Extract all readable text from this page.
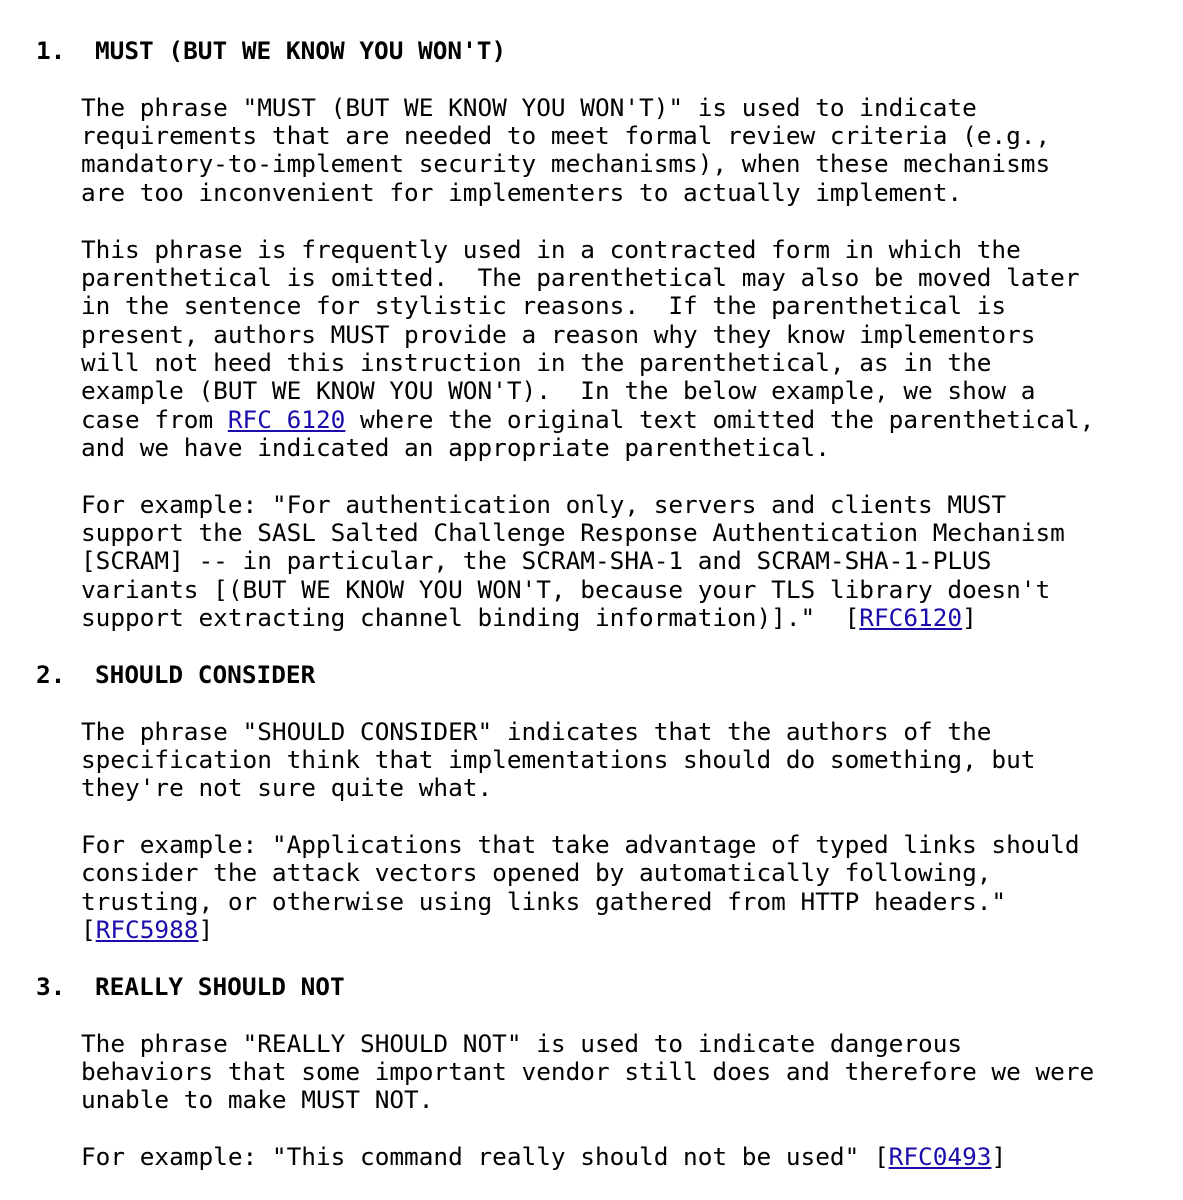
1. MUST (BUT WE KNOW YOU WON'T)
The phrase "MUST (BUT WE KNOW YOU WON'T)" is used to indicate
requirements that are needed to meet formal review criteria (e.g.,
mandatory-to-implement security mechanisms), when these mechanisms
are too inconvenient for implementers to actually implement.
This phrase is frequently used in a contracted form in which the
parenthetical is omitted.  The parenthetical may also be moved later
in the sentence for stylistic reasons.  If the parenthetical is
present, authors MUST provide a reason why they know implementors
will not heed this instruction in the parenthetical, as in the
example (BUT WE KNOW YOU WON'T).  In the below example, we show a
case from RFC 6120 where the original text omitted the parenthetical,
and we have indicated an appropriate parenthetical.
For example: "For authentication only, servers and clients MUST
support the SASL Salted Challenge Response Authentication Mechanism
[SCRAM] -- in particular, the SCRAM-SHA-1 and SCRAM-SHA-1-PLUS
variants [(BUT WE KNOW YOU WON'T, because your TLS library doesn't
support extracting channel binding information)]."  [RFC6120]
2. SHOULD CONSIDER
The phrase "SHOULD CONSIDER" indicates that the authors of the
specification think that implementations should do something, but
they're not sure quite what.
For example: "Applications that take advantage of typed links should
consider the attack vectors opened by automatically following,
trusting, or otherwise using links gathered from HTTP headers."
[RFC5988]
3. REALLY SHOULD NOT
The phrase "REALLY SHOULD NOT" is used to indicate dangerous
behaviors that some important vendor still does and therefore we were
unable to make MUST NOT.
For example: "This command really should not be used" [RFC0493]
